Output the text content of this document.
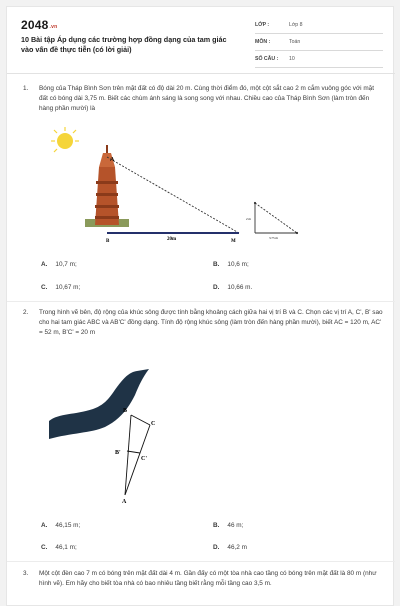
2048.vn
10 Bài tập Áp dụng các trường hợp đồng dạng của tam giác vào vấn đề thực tiễn (có lời giải)
LỚP :	Lớp 8
MÔN :	Toán
SỐ CÂU : 10
1. Bóng của Tháp Bình Sơn trên mặt đất có độ dài 20 m. Cùng thời điểm đó, một cột sắt cao 2 m cắm vuông góc với mặt đất có bóng dài 3,75 m. Biết các chùm ánh sáng là song song với nhau. Chiều cao của Tháp Bình Sơn (làm tròn đến hàng phần mười) là
A
B	20m	M
2 m
3.75 m
A. 10,7 m;	B. 10,6 m;
C. 10,67 m;	D. 10,66 m.
2. Trong hình vẽ bên, độ rộng của khúc sông được tính bằng khoảng cách giữa hai vị trí B và C. Chọn các vị trí A, C', B' sao cho hai tam giác ABC và AB'C' đồng dạng. Tính độ rộng khúc sông (làm tròn đến hàng phần mười), biết AC = 120 m, AC' = 52 m, B'C' = 20 m
B
C
B'
C'
A
A. 46,15 m;	B. 46 m;
C. 46,1 m;	D. 46,2 m
3. Một cột đèn cao 7 m có bóng trên mặt đất dài 4 m. Gần đấy có một tòa nhà cao tầng có bóng trên mặt đất là 80 m (như hình vẽ). Em hãy cho biết tòa nhà có bao nhiêu tầng biết rằng mỗi tầng cao 3,5 m.
